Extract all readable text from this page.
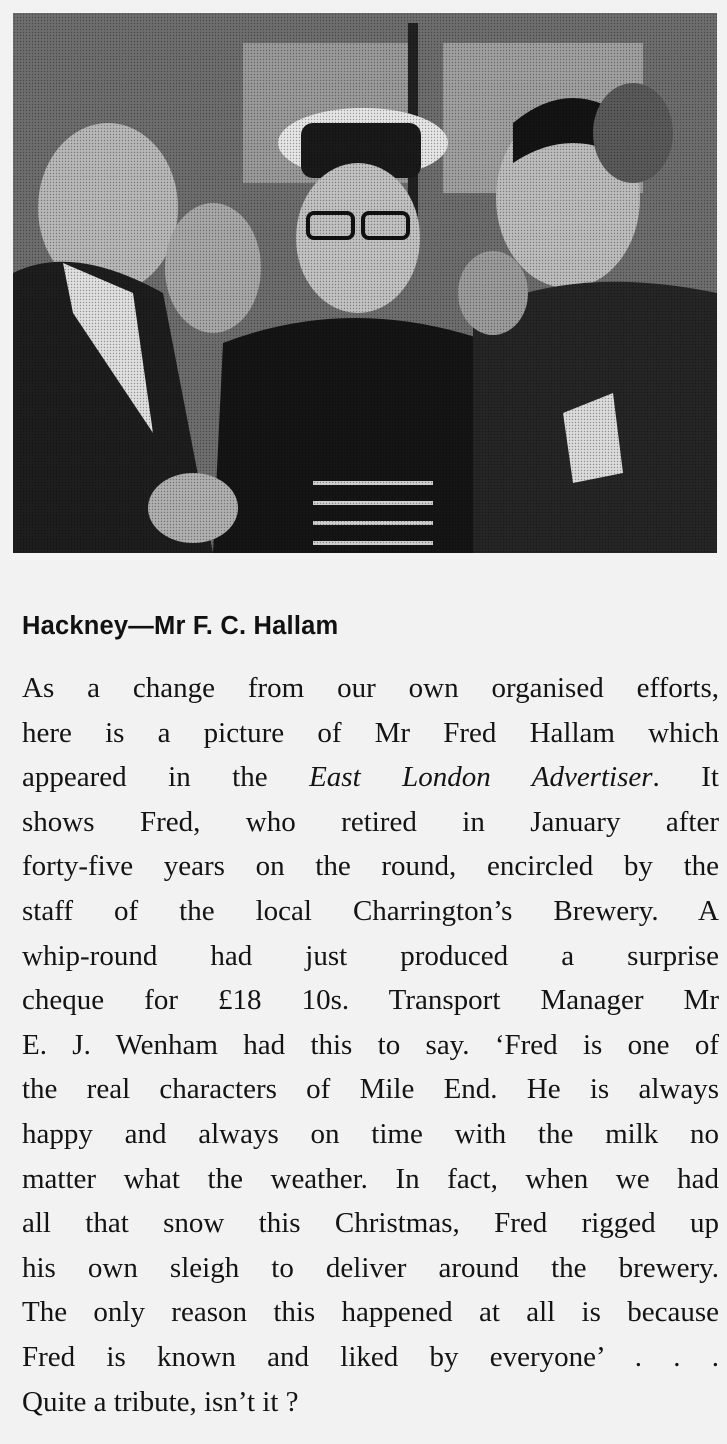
Hackney—Mr F. C. Hallam
As a change from our own organised efforts,
here is a picture of Mr Fred Hallam which
appeared in the East London Advertiser. It
shows Fred, who retired in January after
forty-five years on the round, encircled by the
staff of the local Charrington’s Brewery. A
whip-round had just produced a surprise
cheque for £18 10s. Transport Manager Mr
E. J. Wenham had this to say. ‘Fred is one of
the real characters of Mile End. He is always
happy and always on time with the milk no
matter what the weather. In fact, when we had
all that snow this Christmas, Fred rigged up
his own sleigh to deliver around the brewery.
The only reason this happened at all is because
Fred is known and liked by everyone’ . . .
Quite a tribute, isn’t it ?
